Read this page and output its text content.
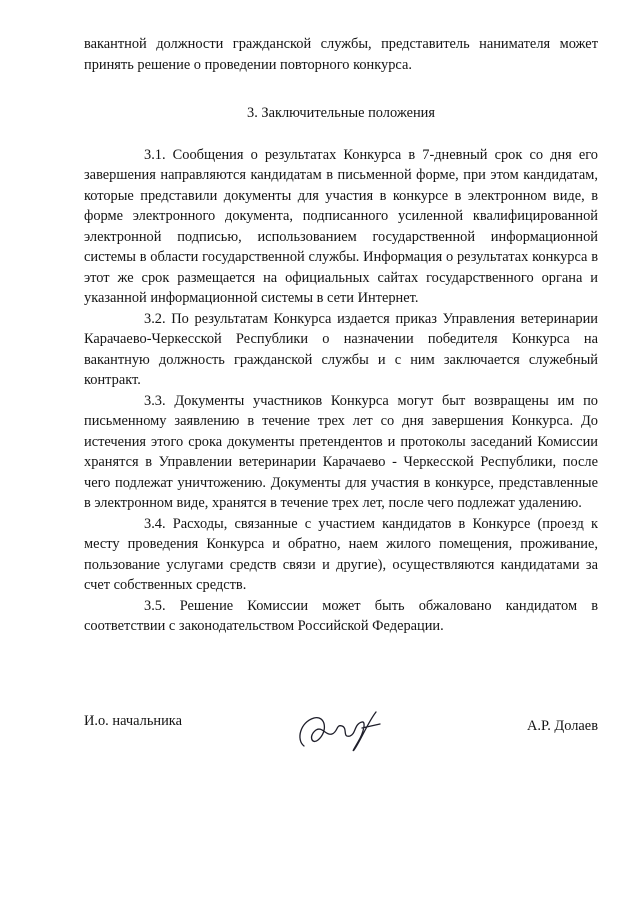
вакантной должности гражданской службы, представитель нанимателя может принять решение о проведении повторного конкурса.

3. Заключительные положения

3.1. Сообщения о результатах Конкурса в 7-дневный срок со дня его завершения направляются кандидатам в письменной форме, при этом кандидатам, которые представили документы для участия в конкурсе в электронном виде, в форме электронного документа, подписанного усиленной квалифицированной электронной подписью, использованием государственной информационной системы в области государственной службы. Информация о результатах конкурса в этот же срок размещается на официальных сайтах государственного органа и указанной информационной системы в сети Интернет.

3.2. По результатам Конкурса издается приказ Управления ветеринарии Карачаево-Черкесской Республики о назначении победителя Конкурса на вакантную должность гражданской службы и с ним заключается служебный контракт.

3.3. Документы участников Конкурса могут быт возвращены им по письменному заявлению в течение трех лет со дня завершения Конкурса. До истечения этого срока документы претендентов и протоколы заседаний Комиссии хранятся в Управлении ветеринарии Карачаево - Черкесской Республики, после чего подлежат уничтожению. Документы для участия в конкурсе, представленные в электронном виде, хранятся в течение трех лет, после чего подлежат удалению.

3.4. Расходы, связанные с участием кандидатов в Конкурсе (проезд к месту проведения Конкурса и обратно, наем жилого помещения, проживание, пользование услугами средств связи и другие), осуществляются кандидатами за счет собственных средств.

3.5. Решение Комиссии может быть обжаловано кандидатом в соответствии с законодательством Российской Федерации.

И.о. начальника	А.Р. Долаев
